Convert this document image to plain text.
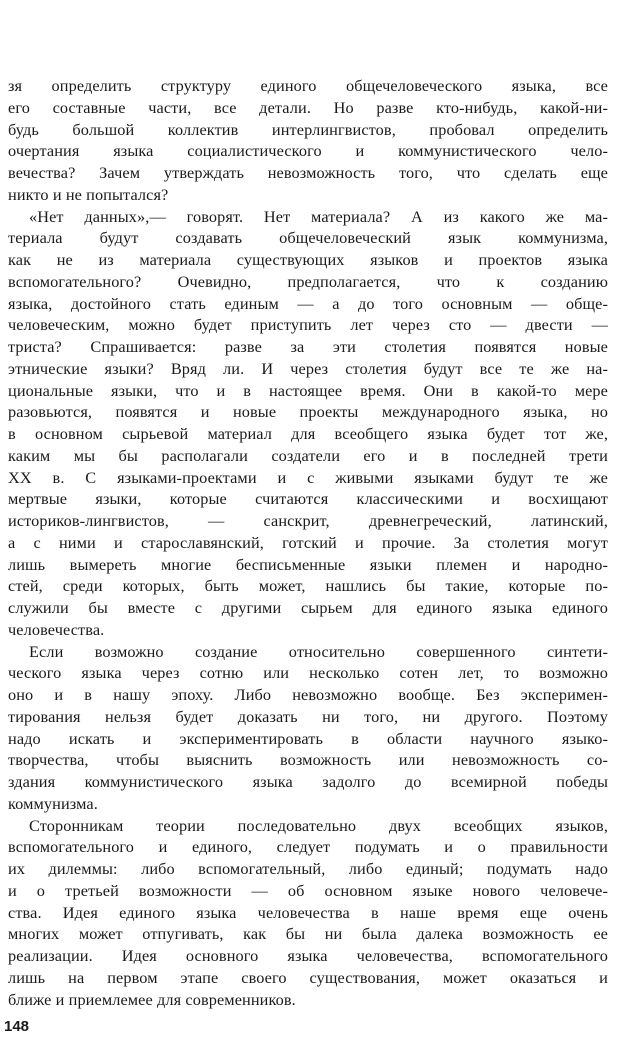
зя определить структуру единого общечеловеческого языка, все
его составные части, все детали. Но разве кто-нибудь, какой-ни-
будь большой коллектив интерлингвистов, пробовал определить
очертания языка социалистического и коммунистического чело-
вечества? Зачем утверждать невозможность того, что сделать еще
никто и не попытался?
«Нет данных»,— говорят. Нет материала? А из какого же ма-
териала будут создавать общечеловеческий язык коммунизма,
как не из материала существующих языков и проектов языка
вспомогательного? Очевидно, предполагается, что к созданию
языка, достойного стать единым — а до того основным — обще-
человеческим, можно будет приступить лет через сто — двести —
триста? Спрашивается: разве за эти столетия появятся новые
этнические языки? Вряд ли. И через столетия будут все те же на-
циональные языки, что и в настоящее время. Они в какой-то мере
разовьются, появятся и новые проекты международного языка, но
в основном сырьевой материал для всеобщего языка будет тот же,
каким мы бы располагали создатели его и в последней трети
XX в. С языками-проектами и с живыми языками будут те же
мертвые языки, которые считаются классическими и восхищают
историков-лингвистов, — санскрит, древнегреческий, латинский,
а с ними и старославянский, готский и прочие. За столетия могут
лишь вымереть многие бесписьменные языки племен и народно-
стей, среди которых, быть может, нашлись бы такие, которые по-
служили бы вместе с другими сырьем для единого языка единого
человечества.
Если возможно создание относительно совершенного синтети-
ческого языка через сотню или несколько сотен лет, то возможно
оно и в нашу эпоху. Либо невозможно вообще. Без эксперимен-
тирования нельзя будет доказать ни того, ни другого. Поэтому
надо искать и экспериментировать в области научного языко-
творчества, чтобы выяснить возможность или невозможность со-
здания коммунистического языка задолго до всемирной победы
коммунизма.
Сторонникам теории последовательно двух всеобщих языков,
вспомогательного и единого, следует подумать и о правильности
их дилеммы: либо вспомогательный, либо единый; подумать надо
и о третьей возможности — об основном языке нового человече-
ства. Идея единого языка человечества в наше время еще очень
многих может отпугивать, как бы ни была далека возможность ее
реализации. Идея основного языка человечества, вспомогательного
лишь на первом этапе своего существования, может оказаться и
ближе и приемлемее для современников.
148
